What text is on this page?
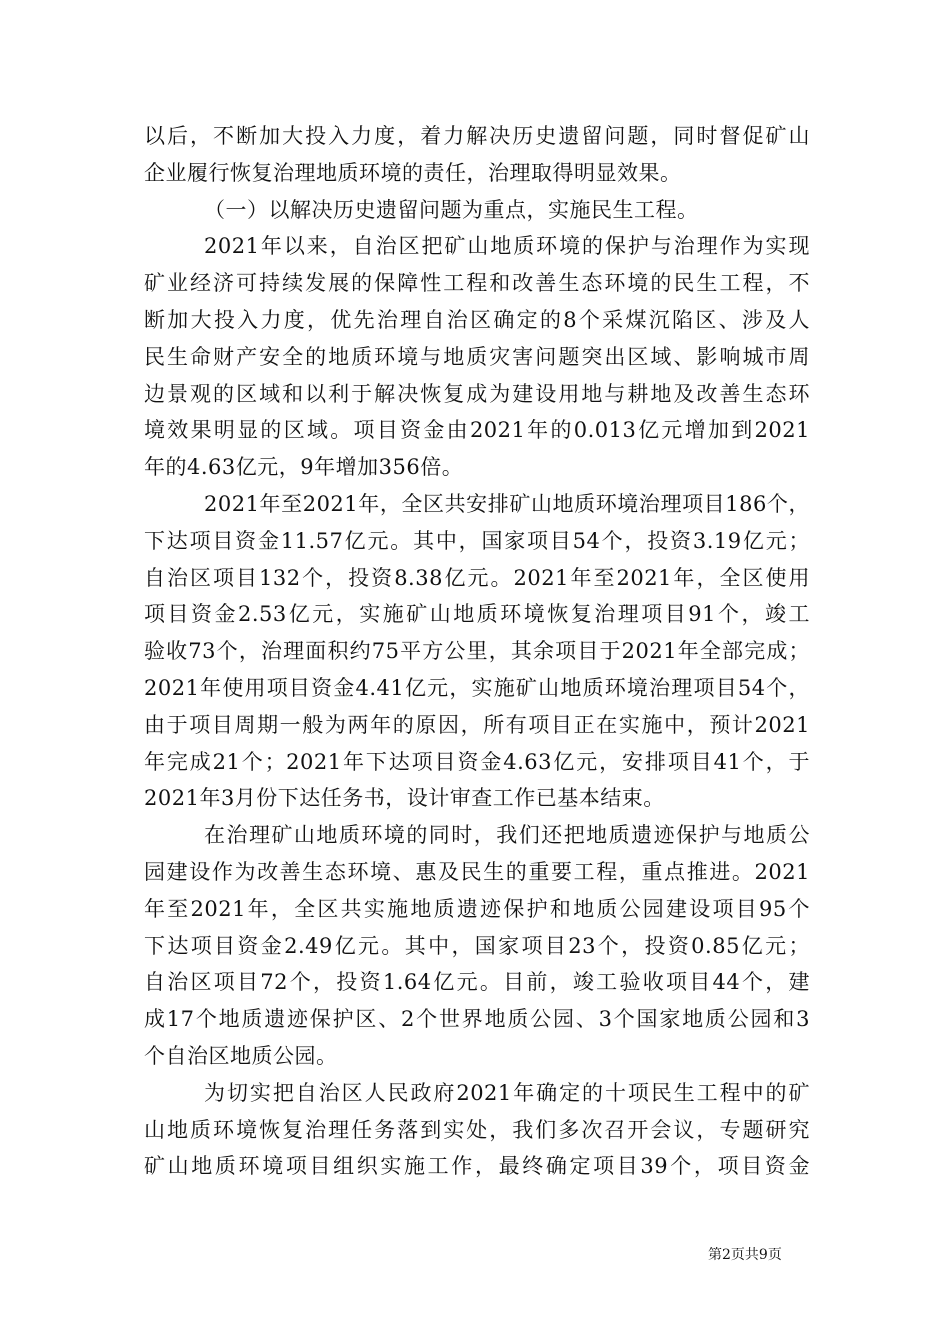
以后，不断加大投入力度，着力解决历史遗留问题，同时督促矿山
企业履行恢复治理地质环境的责任，治理取得明显效果。
（一）以解决历史遗留问题为重点，实施民生工程。
2021年以来，自治区把矿山地质环境的保护与治理作为实现
矿业经济可持续发展的保障性工程和改善生态环境的民生工程，不
断加大投入力度，优先治理自治区确定的8个采煤沉陷区、涉及人
民生命财产安全的地质环境与地质灾害问题突出区域、影响城市周
边景观的区域和以利于解决恢复成为建设用地与耕地及改善生态环
境效果明显的区域。项目资金由2021年的0.013亿元增加到2021
年的4.63亿元，9年增加356倍。
2021年至2021年，全区共安排矿山地质环境治理项目186个，
下达项目资金11.57亿元。其中，国家项目54个，投资3.19亿元；
自治区项目132个，投资8.38亿元。2021年至2021年，全区使用
项目资金2.53亿元，实施矿山地质环境恢复治理项目91个，竣工
验收73个，治理面积约75平方公里，其余项目于2021年全部完成；
2021年使用项目资金4.41亿元，实施矿山地质环境治理项目54个，
由于项目周期一般为两年的原因，所有项目正在实施中，预计2021
年完成21个；2021年下达项目资金4.63亿元，安排项目41个，于
2021年3月份下达任务书，设计审查工作已基本结束。
在治理矿山地质环境的同时，我们还把地质遗迹保护与地质公
园建设作为改善生态环境、惠及民生的重要工程，重点推进。2021
年至2021年，全区共实施地质遗迹保护和地质公园建设项目95个
下达项目资金2.49亿元。其中，国家项目23个，投资0.85亿元；
自治区项目72个，投资1.64亿元。目前，竣工验收项目44个，建
成17个地质遗迹保护区、2个世界地质公园、3个国家地质公园和3
个自治区地质公园。
为切实把自治区人民政府2021年确定的十项民生工程中的矿
山地质环境恢复治理任务落到实处，我们多次召开会议，专题研究
矿山地质环境项目组织实施工作，最终确定项目39个，项目资金
第2页共9页
